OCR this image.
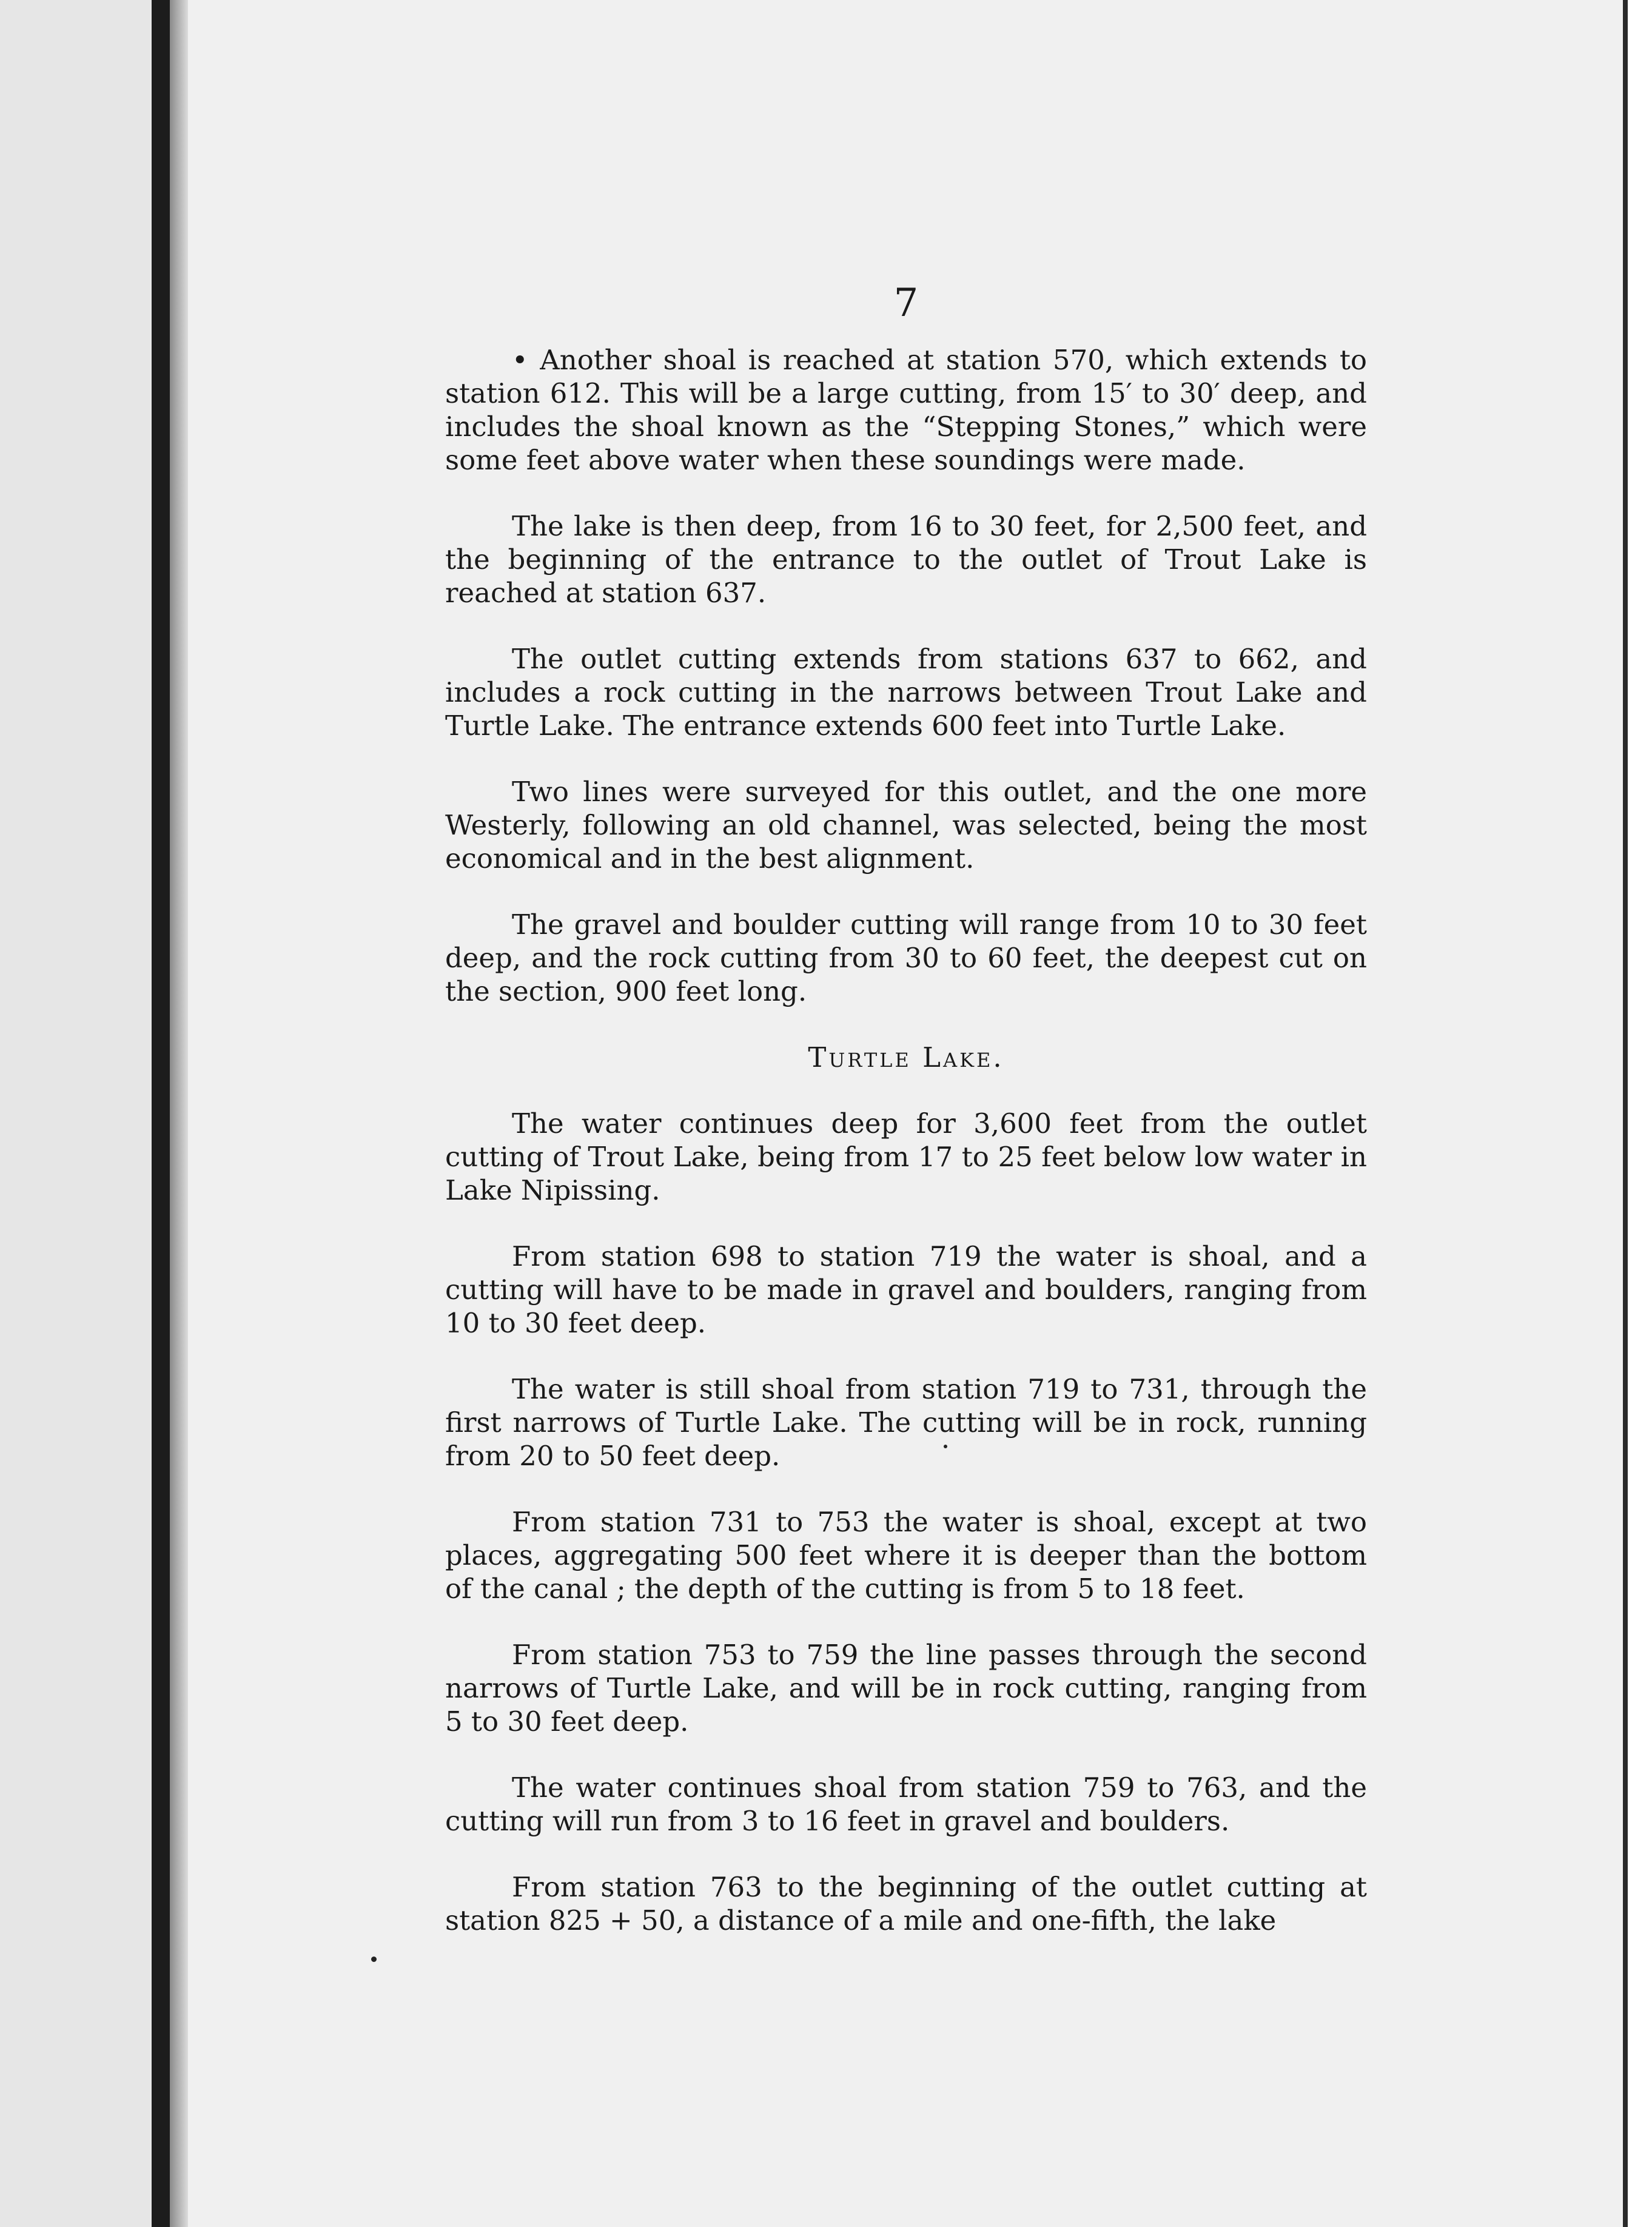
7

• Another shoal is reached at station 570, which extends to station 612. This will be a large cutting, from 15′ to 30′ deep, and includes the shoal known as the “Stepping Stones,” which were some feet above water when these soundings were made.

The lake is then deep, from 16 to 30 feet, for 2,500 feet, and the beginning of the entrance to the outlet of Trout Lake is reached at station 637.

The outlet cutting extends from stations 637 to 662, and includes a rock cutting in the narrows between Trout Lake and Turtle Lake. The entrance extends 600 feet into Turtle Lake.

Two lines were surveyed for this outlet, and the one more Westerly, following an old channel, was selected, being the most economical and in the best alignment.

The gravel and boulder cutting will range from 10 to 30 feet deep, and the rock cutting from 30 to 60 feet, the deepest cut on the section, 900 feet long.

Turtle Lake.

The water continues deep for 3,600 feet from the outlet cutting of Trout Lake, being from 17 to 25 feet below low water in Lake Nipissing.

From station 698 to station 719 the water is shoal, and a cutting will have to be made in gravel and boulders, ranging from 10 to 30 feet deep.

The water is still shoal from station 719 to 731, through the first narrows of Turtle Lake. The cutting will be in rock, running from 20 to 50 feet deep.

From station 731 to 753 the water is shoal, except at two places, aggregating 500 feet where it is deeper than the bottom of the canal ; the depth of the cutting is from 5 to 18 feet.

From station 753 to 759 the line passes through the second narrows of Turtle Lake, and will be in rock cutting, ranging from 5 to 30 feet deep.

The water continues shoal from station 759 to 763, and the cutting will run from 3 to 16 feet in gravel and boulders.

From station 763 to the beginning of the outlet cutting at station 825 + 50, a distance of a mile and one-fifth, the lake
